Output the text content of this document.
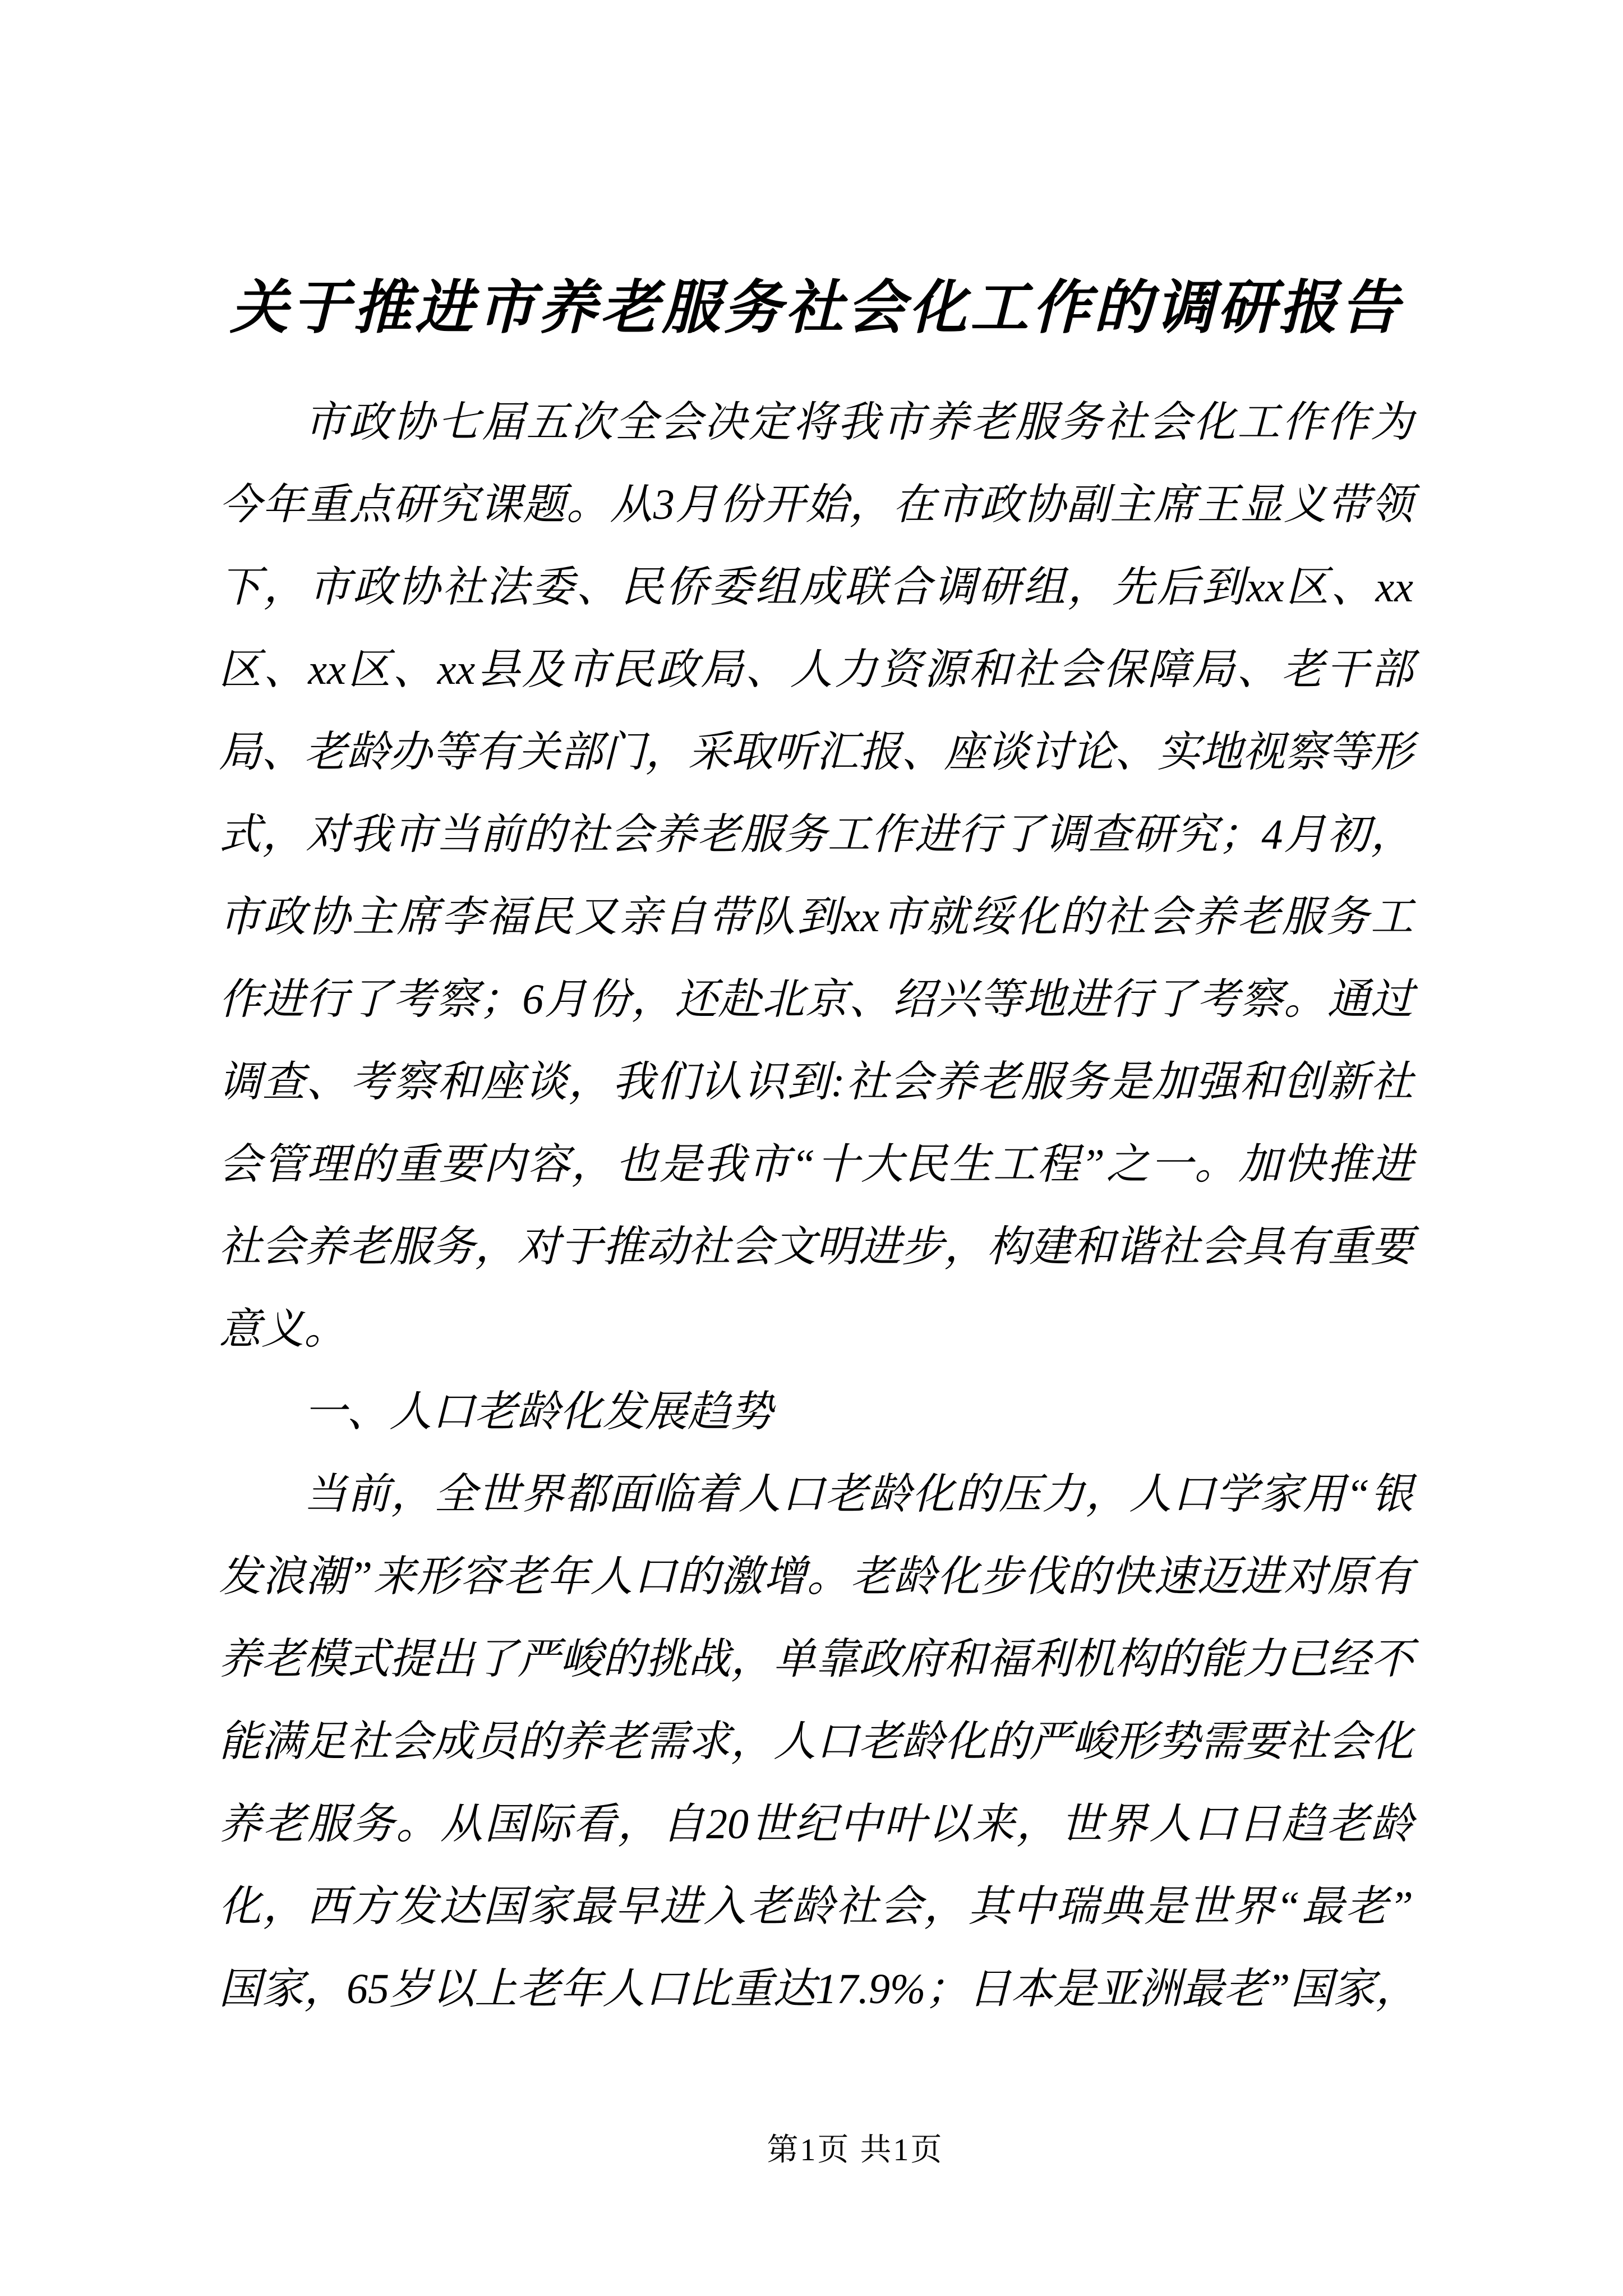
关于推进市养老服务社会化工作的调研报告
市政协七届五次全会决定将我市养老服务社会化工作作为
今年重点研究课题。从3月份开始，在市政协副主席王显义带领
下，市政协社法委、民侨委组成联合调研组，先后到xx区、xx
区、xx区、xx县及市民政局、人力资源和社会保障局、老干部
局、老龄办等有关部门，采取听汇报、座谈讨论、实地视察等形
式，对我市当前的社会养老服务工作进行了调查研究；4月初，
市政协主席李福民又亲自带队到xx市就绥化的社会养老服务工
作进行了考察；6月份，还赴北京、绍兴等地进行了考察。通过
调查、考察和座谈，我们认识到:社会养老服务是加强和创新社
会管理的重要内容，也是我市“十大民生工程”之一。加快推进
社会养老服务，对于推动社会文明进步，构建和谐社会具有重要
意义。
一、人口老龄化发展趋势
当前，全世界都面临着人口老龄化的压力，人口学家用“银
发浪潮”来形容老年人口的激增。老龄化步伐的快速迈进对原有
养老模式提出了严峻的挑战，单靠政府和福利机构的能力已经不
能满足社会成员的养老需求，人口老龄化的严峻形势需要社会化
养老服务。从国际看，自20世纪中叶以来，世界人口日趋老龄
化，西方发达国家最早进入老龄社会，其中瑞典是世界“最老”
国家，65岁以上老年人口比重达17.9%；日本是亚洲最老”国家，
第1页 共1页
